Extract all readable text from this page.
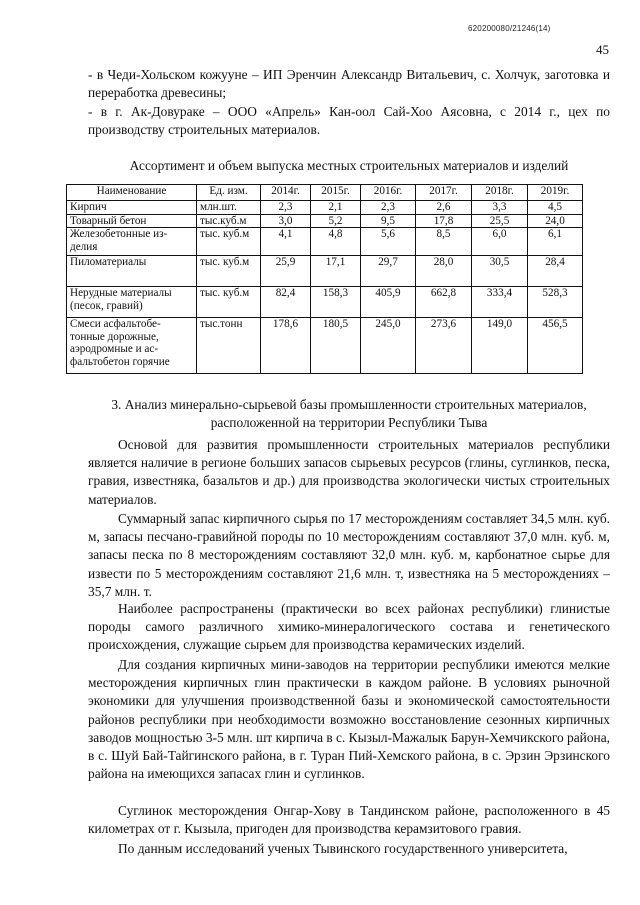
620200080/21246(14)
45
- в Чеди-Хольском кожууне – ИП Эренчин Александр Витальевич, с. Холчук, заготовка и переработка древесины;
- в г. Ак-Довураке – ООО «Апрель» Кан-оол Сай-Хоо Аясовна, с 2014 г., цех по производству строительных материалов.
Ассортимент и объем выпуска местных строительных материалов и изделий
Наименование	Ед. изм.	2014г.	2015г.	2016г.	2017г.	2018г.	2019г.
Кирпич	млн.шт.	2,3	2,1	2,3	2,6	3,3	4,5
Товарный бетон	тыс.куб.м	3,0	5,2	9,5	17,8	25,5	24,0
Железобетонные из-делия	тыс. куб.м	4,1	4,8	5,6	8,5	6,0	6,1
Пиломатериалы	тыс. куб.м	25,9	17,1	29,7	28,0	30,5	28,4
Нерудные материалы (песок, гравий)	тыс. куб.м	82,4	158,3	405,9	662,8	333,4	528,3
Смеси асфальтобе-тонные дорожные, аэродромные и ас-фальтобетон горячие	тыс.тонн	178,6	180,5	245,0	273,6	149,0	456,5
3. Анализ минерально-сырьевой базы промышленности строительных материалов, расположенной на территории Республики Тыва
Основой для развития промышленности строительных материалов республики является наличие в регионе больших запасов сырьевых ресурсов (глины, суглинков, песка, гравия, известняка, базальтов и др.) для производства экологически чистых строительных материалов.
Суммарный запас кирпичного сырья по 17 месторождениям составляет 34,5 млн. куб. м, запасы песчано-гравийной породы по 10 месторождениям составляют 37,0 млн. куб. м, запасы песка по 8 месторождениям составляют 32,0 млн. куб. м, карбонатное сырье для извести по 5 месторождениям составляют 21,6 млн. т, известняка на 5 месторождениях – 35,7 млн. т.
Наиболее распространены (практически во всех районах республики) глинистые породы самого различного химико-минералогического состава и генетического происхождения, служащие сырьем для производства керамических изделий.
Для создания кирпичных мини-заводов на территории республики имеются мелкие месторождения кирпичных глин практически в каждом районе. В условиях рыночной экономики для улучшения производственной базы и экономической самостоятельности районов республики при необходимости возможно восстановление сезонных кирпичных заводов мощностью 3-5 млн. шт кирпича в с. Кызыл-Мажалык Барун-Хемчикского района, в с. Шуй Бай-Тайгинского района, в г. Туран Пий-Хемского района, в с. Эрзин Эрзинского района на имеющихся запасах глин и суглинков.
Суглинок месторождения Онгар-Хову в Тандинском районе, расположенного в 45 километрах от г. Кызыла, пригоден для производства керамзитового гравия.
По данным исследований ученых Тывинского государственного университета,
